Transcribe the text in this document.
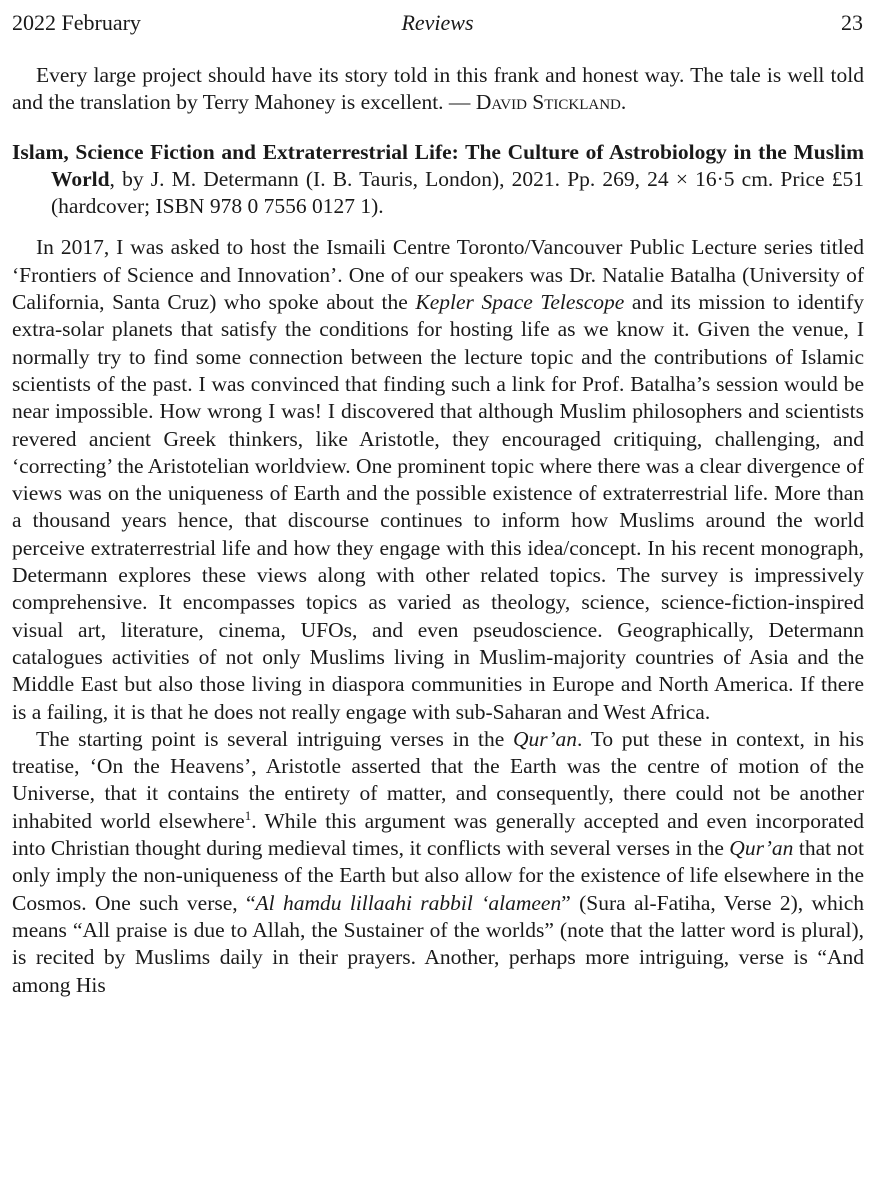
2022 February	Reviews	23

Every large project should have its story told in this frank and honest way. The tale is well told and the translation by Terry Mahoney is excellent. — David Stickland.

Islam, Science Fiction and Extraterrestrial Life: The Culture of Astrobiology in the Muslim World, by J. M. Determann (I. B. Tauris, London), 2021. Pp. 269, 24 × 16·5 cm. Price £51 (hardcover; ISBN 978 0 7556 0127 1).

In 2017, I was asked to host the Ismaili Centre Toronto/Vancouver Public Lecture series titled ‘Frontiers of Science and Innovation’. One of our speakers was Dr. Natalie Batalha (University of California, Santa Cruz) who spoke about the Kepler Space Telescope and its mission to identify extra-solar planets that satisfy the conditions for hosting life as we know it. Given the venue, I normally try to find some connection between the lecture topic and the contributions of Islamic scientists of the past. I was convinced that finding such a link for Prof. Batalha’s session would be near impossible. How wrong I was! I discovered that although Muslim philosophers and scientists revered ancient Greek thinkers, like Aristotle, they encouraged critiquing, challenging, and ‘correcting’ the Aristotelian worldview. One prominent topic where there was a clear divergence of views was on the uniqueness of Earth and the possible existence of extraterrestrial life. More than a thousand years hence, that discourse continues to inform how Muslims around the world perceive extraterrestrial life and how they engage with this idea/concept. In his recent monograph, Determann explores these views along with other related topics. The survey is impressively comprehensive. It encompasses topics as varied as theology, science, science-fiction-inspired visual art, literature, cinema, UFOs, and even pseudoscience. Geographically, Determann catalogues activities of not only Muslims living in Muslim-majority countries of Asia and the Middle East but also those living in diaspora communities in Europe and North America. If there is a failing, it is that he does not really engage with sub-Saharan and West Africa.

The starting point is several intriguing verses in the Qur’an. To put these in context, in his treatise, ‘On the Heavens’, Aristotle asserted that the Earth was the centre of motion of the Universe, that it contains the entirety of matter, and consequently, there could not be another inhabited world elsewhere$^1$. While this argument was generally accepted and even incorporated into Christian thought during medieval times, it conflicts with several verses in the Qur’an that not only imply the non-uniqueness of the Earth but also allow for the existence of life elsewhere in the Cosmos. One such verse, “Al hamdu lillaahi rabbil ‘alameen” (Sura al-Fatiha, Verse 2), which means “All praise is due to Allah, the Sustainer of the worlds” (note that the latter word is plural), is recited by Muslims daily in their prayers. Another, perhaps more intriguing, verse is “And among His
